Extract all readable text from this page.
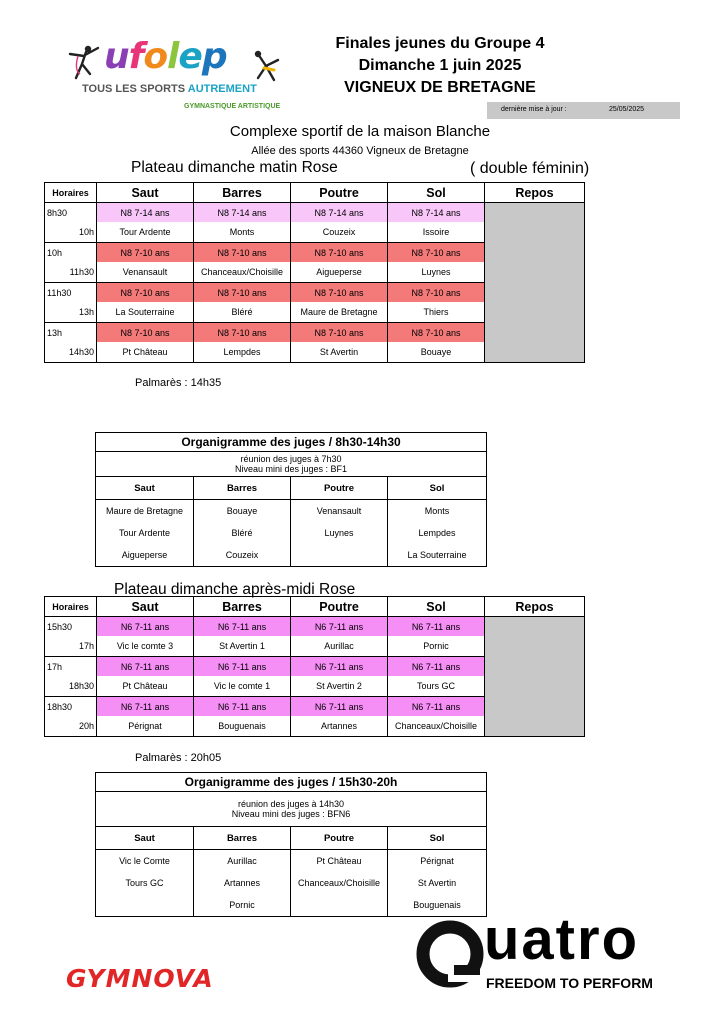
ufolep
TOUS LES SPORTS AUTREMENT
GYMNASTIQUE ARTISTIQUE
Finales jeunes du Groupe 4
Dimanche 1 juin 2025
VIGNEUX DE BRETAGNE
dernière mise à jour :	25/05/2025
Complexe sportif de la maison Blanche
Allée des sports 44360 Vigneux de Bretagne
Plateau dimanche matin Rose	( double féminin)
Horaires	Saut	Barres	Poutre	Sol	Repos
8h30	N8 7-14 ans	N8 7-14 ans	N8 7-14 ans	N8 7-14 ans	
10h	Tour Ardente	Monts	Couzeix	Issoire	
10h	N8 7-10 ans	N8 7-10 ans	N8 7-10 ans	N8 7-10 ans	
11h30	Venansault	Chanceaux/Choisille	Aigueperse	Luynes	
11h30	N8 7-10 ans	N8 7-10 ans	N8 7-10 ans	N8 7-10 ans	
13h	La Souterraine	Bléré	Maure de Bretagne	Thiers	
13h	N8 7-10 ans	N8 7-10 ans	N8 7-10 ans	N8 7-10 ans	
14h30	Pt Château	Lempdes	St Avertin	Bouaye	
Palmarès : 14h35
Organigramme des juges / 8h30-14h30			

réunion des juges à 7h30
Niveau mini des juges : BF1			

Saut	Barres	Poutre	Sol
Maure de Bretagne	Bouaye	Venansault	Monts
Tour Ardente	Bléré	Luynes	Lempdes
Aigueperse	Couzeix		La Souterraine
Plateau dimanche après-midi Rose
Horaires	Saut	Barres	Poutre	Sol	Repos
15h30	N6 7-11 ans	N6 7-11 ans	N6 7-11 ans	N6 7-11 ans	
17h	Vic le comte 3	St Avertin 1	Aurillac	Pornic	
17h	N6 7-11 ans	N6 7-11 ans	N6 7-11 ans	N6 7-11 ans	
18h30	Pt Château	Vic le comte 1	St Avertin 2	Tours GC	
18h30	N6 7-11 ans	N6 7-11 ans	N6 7-11 ans	N6 7-11 ans	
20h	Pérignat	Bouguenais	Artannes	Chanceaux/Choisille	
Palmarès : 20h05
Organigramme des juges / 15h30-20h			

réunion des juges à 14h30
Niveau mini des juges : BFN6			

Saut	Barres	Poutre	Sol
Vic le Comte	Aurillac	Pt Château	Pérignat
Tours GC	Artannes	Chanceaux/Choisille	St Avertin
	Pornic		Bouguenais
GYMNOVA
uatro
FREEDOM TO PERFORM
